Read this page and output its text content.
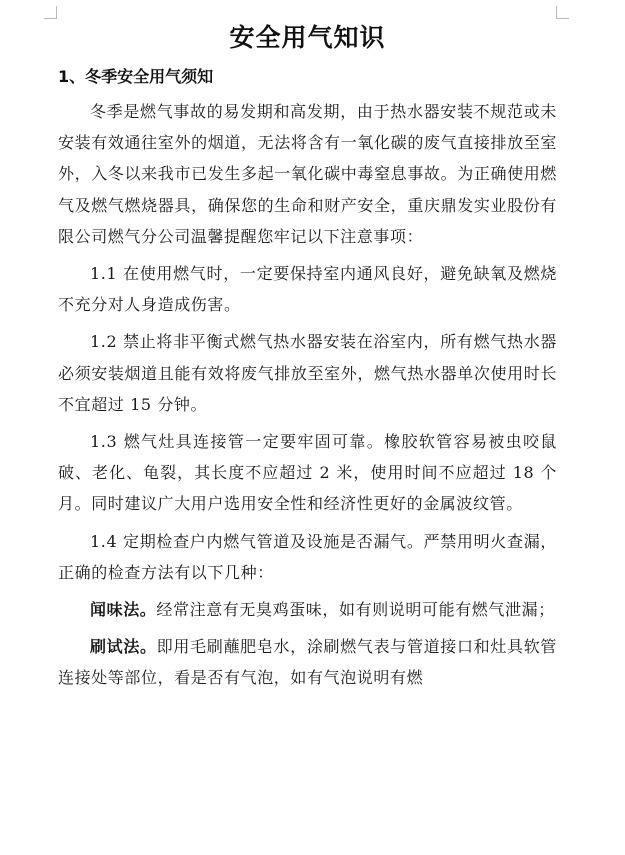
安全用气知识
1、冬季安全用气须知

冬季是燃气事故的易发期和高发期，由于热水器安装不规范或未安装有效通往室外的烟道，无法将含有一氧化碳的废气直接排放至室外，入冬以来我市已发生多起一氧化碳中毒窒息事故。为正确使用燃气及燃气燃烧器具，确保您的生命和财产安全，重庆鼎发实业股份有限公司燃气分公司温馨提醒您牢记以下注意事项：

1.1 在使用燃气时，一定要保持室内通风良好，避免缺氧及燃烧不充分对人身造成伤害。

1.2 禁止将非平衡式燃气热水器安装在浴室内，所有燃气热水器必须安装烟道且能有效将废气排放至室外，燃气热水器单次使用时长不宜超过 15 分钟。

1.3 燃气灶具连接管一定要牢固可靠。橡胶软管容易被虫咬鼠破、老化、龟裂，其长度不应超过 2 米，使用时间不应超过 18 个月。同时建议广大用户选用安全性和经济性更好的金属波纹管。

1.4 定期检查户内燃气管道及设施是否漏气。严禁用明火查漏，正确的检查方法有以下几种：

闻味法。经常注意有无臭鸡蛋味，如有则说明可能有燃气泄漏；

刷试法。即用毛刷蘸肥皂水，涂刷燃气表与管道接口和灶具软管连接处等部位，看是否有气泡，如有气泡说明有燃
